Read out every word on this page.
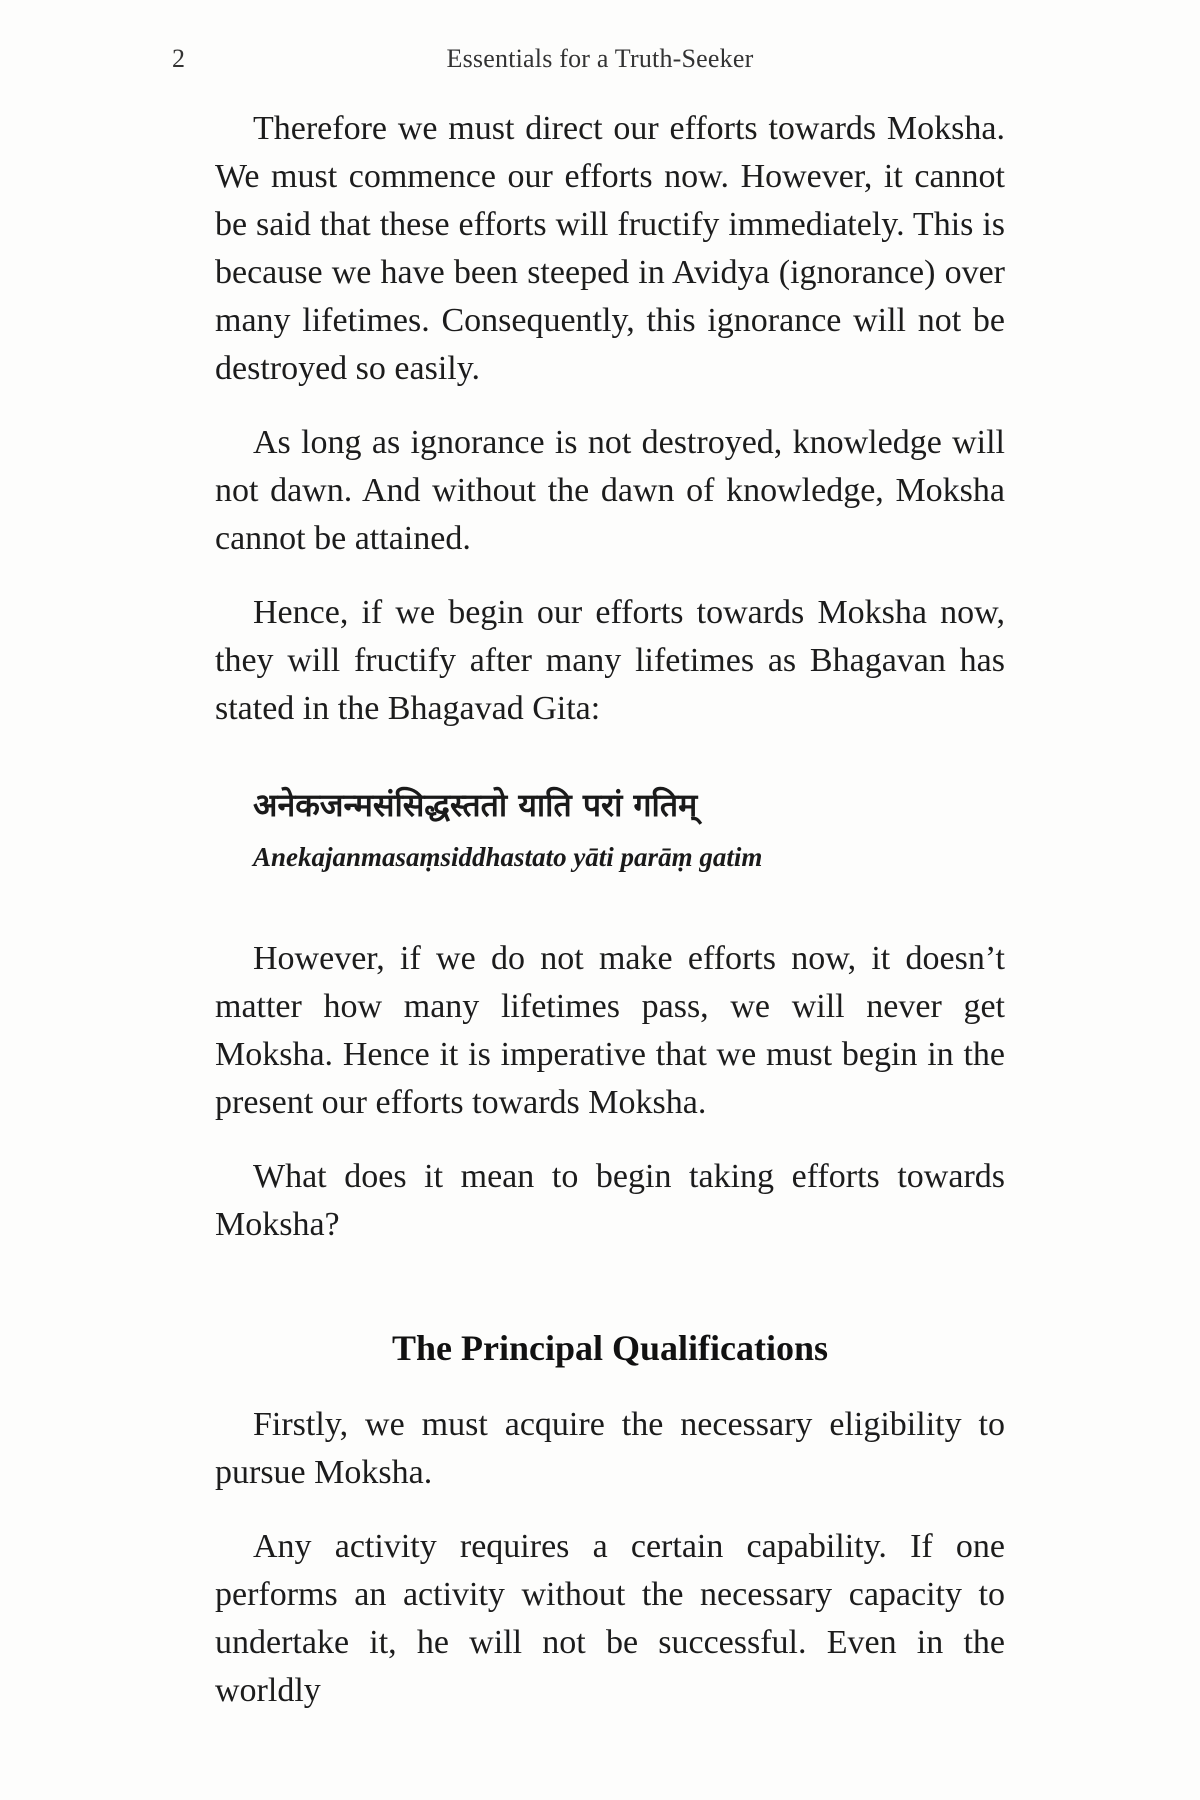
2	Essentials for a Truth-Seeker

Therefore we must direct our efforts towards Moksha. We must commence our efforts now. However, it cannot be said that these efforts will fructify immediately. This is because we have been steeped in Avidya (ignorance) over many lifetimes. Consequently, this ignorance will not be destroyed so easily.

As long as ignorance is not destroyed, knowledge will not dawn. And without the dawn of knowledge, Moksha cannot be attained.

Hence, if we begin our efforts towards Moksha now, they will fructify after many lifetimes as Bhagavan has stated in the Bhagavad Gita:

अनेकजन्मसंसिद्धस्ततो याति परां गतिम्
Anekajanmasaṃsiddhastato yāti parāṃ gatim

However, if we do not make efforts now, it doesn’t matter how many lifetimes pass, we will never get Moksha. Hence it is imperative that we must begin in the present our efforts towards Moksha.

What does it mean to begin taking efforts towards Moksha?

The Principal Qualifications

Firstly, we must acquire the necessary eligibility to pursue Moksha.

Any activity requires a certain capability. If one performs an activity without the necessary capacity to undertake it, he will not be successful. Even in the worldly
